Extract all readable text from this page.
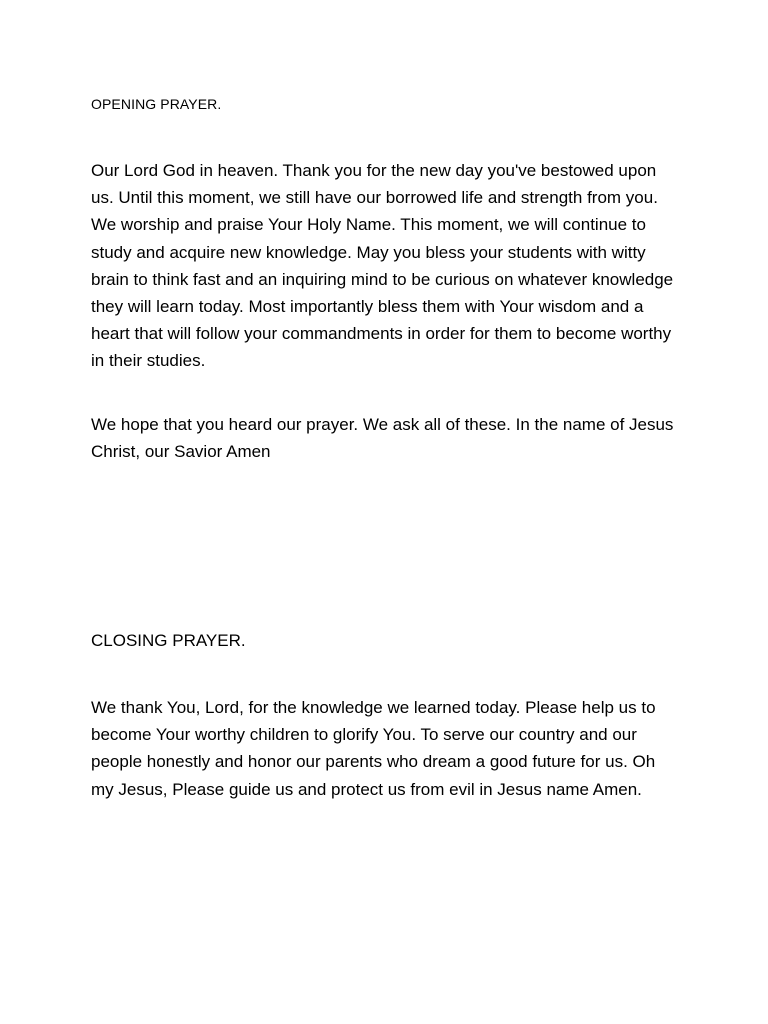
OPENING PRAYER.

Our Lord God in heaven. Thank you for the new day you've bestowed upon us. Until this moment, we still have our borrowed life and strength from you. We worship and praise Your Holy Name. This moment, we will continue to study and acquire new knowledge. May you bless your students with witty brain to think fast and an inquiring mind to be curious on whatever knowledge they will learn today. Most importantly bless them with Your wisdom and a heart that will follow your commandments in order for them to become worthy in their studies.

We hope that you heard our prayer. We ask all of these. In the name of Jesus Christ, our Savior Amen

CLOSING PRAYER.

We thank You, Lord, for the knowledge we learned today. Please help us to become Your worthy children to glorify You. To serve our country and our people honestly and honor our parents who dream a good future for us. Oh my Jesus, Please guide us and protect us from evil in Jesus name Amen.
